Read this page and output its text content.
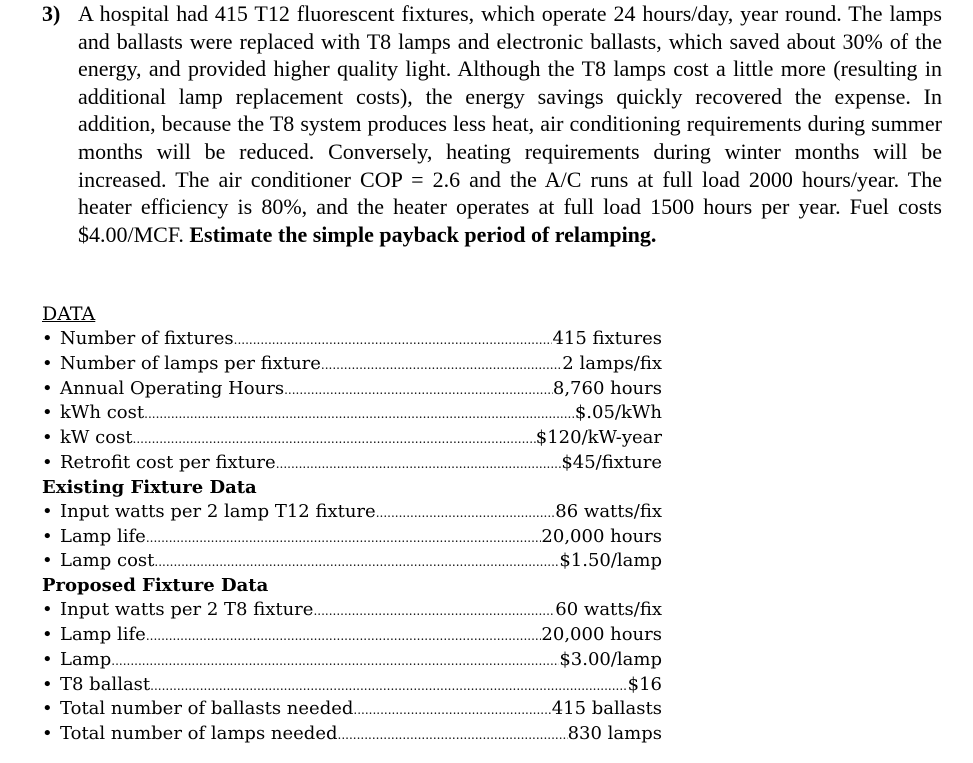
3) A hospital had 415 T12 fluorescent fixtures, which operate 24 hours/day, year round. The lamps and ballasts were replaced with T8 lamps and electronic ballasts, which saved about 30% of the energy, and provided higher quality light. Although the T8 lamps cost a little more (resulting in additional lamp replacement costs), the energy savings quickly recovered the expense. In addition, because the T8 system produces less heat, air conditioning requirements during summer months will be reduced. Conversely, heating requirements during winter months will be increased. The air conditioner COP = 2.6 and the A/C runs at full load 2000 hours/year. The heater efficiency is 80%, and the heater operates at full load 1500 hours per year. Fuel costs $4.00/MCF. Estimate the simple payback period of relamping.
DATA
• Number of fixtures .....	415 fixtures
• Number of lamps per fixture .....	2 lamps/fix
• Annual Operating Hours .....	8,760 hours
• kWh cost .....	$.05/kWh
• kW cost .....	$120/kW-year
• Retrofit cost per fixture .....	$45/fixture
Existing Fixture Data
• Input watts per 2 lamp T12 fixture .....	86 watts/fix
• Lamp life .....	20,000 hours
• Lamp cost .....	$1.50/lamp
Proposed Fixture Data
• Input watts per 2 T8 fixture .....	60 watts/fix
• Lamp life .....	20,000 hours
• Lamp .....	$3.00/lamp
• T8 ballast .....	$16
• Total number of ballasts needed .....	415 ballasts
• Total number of lamps needed .....	830 lamps
